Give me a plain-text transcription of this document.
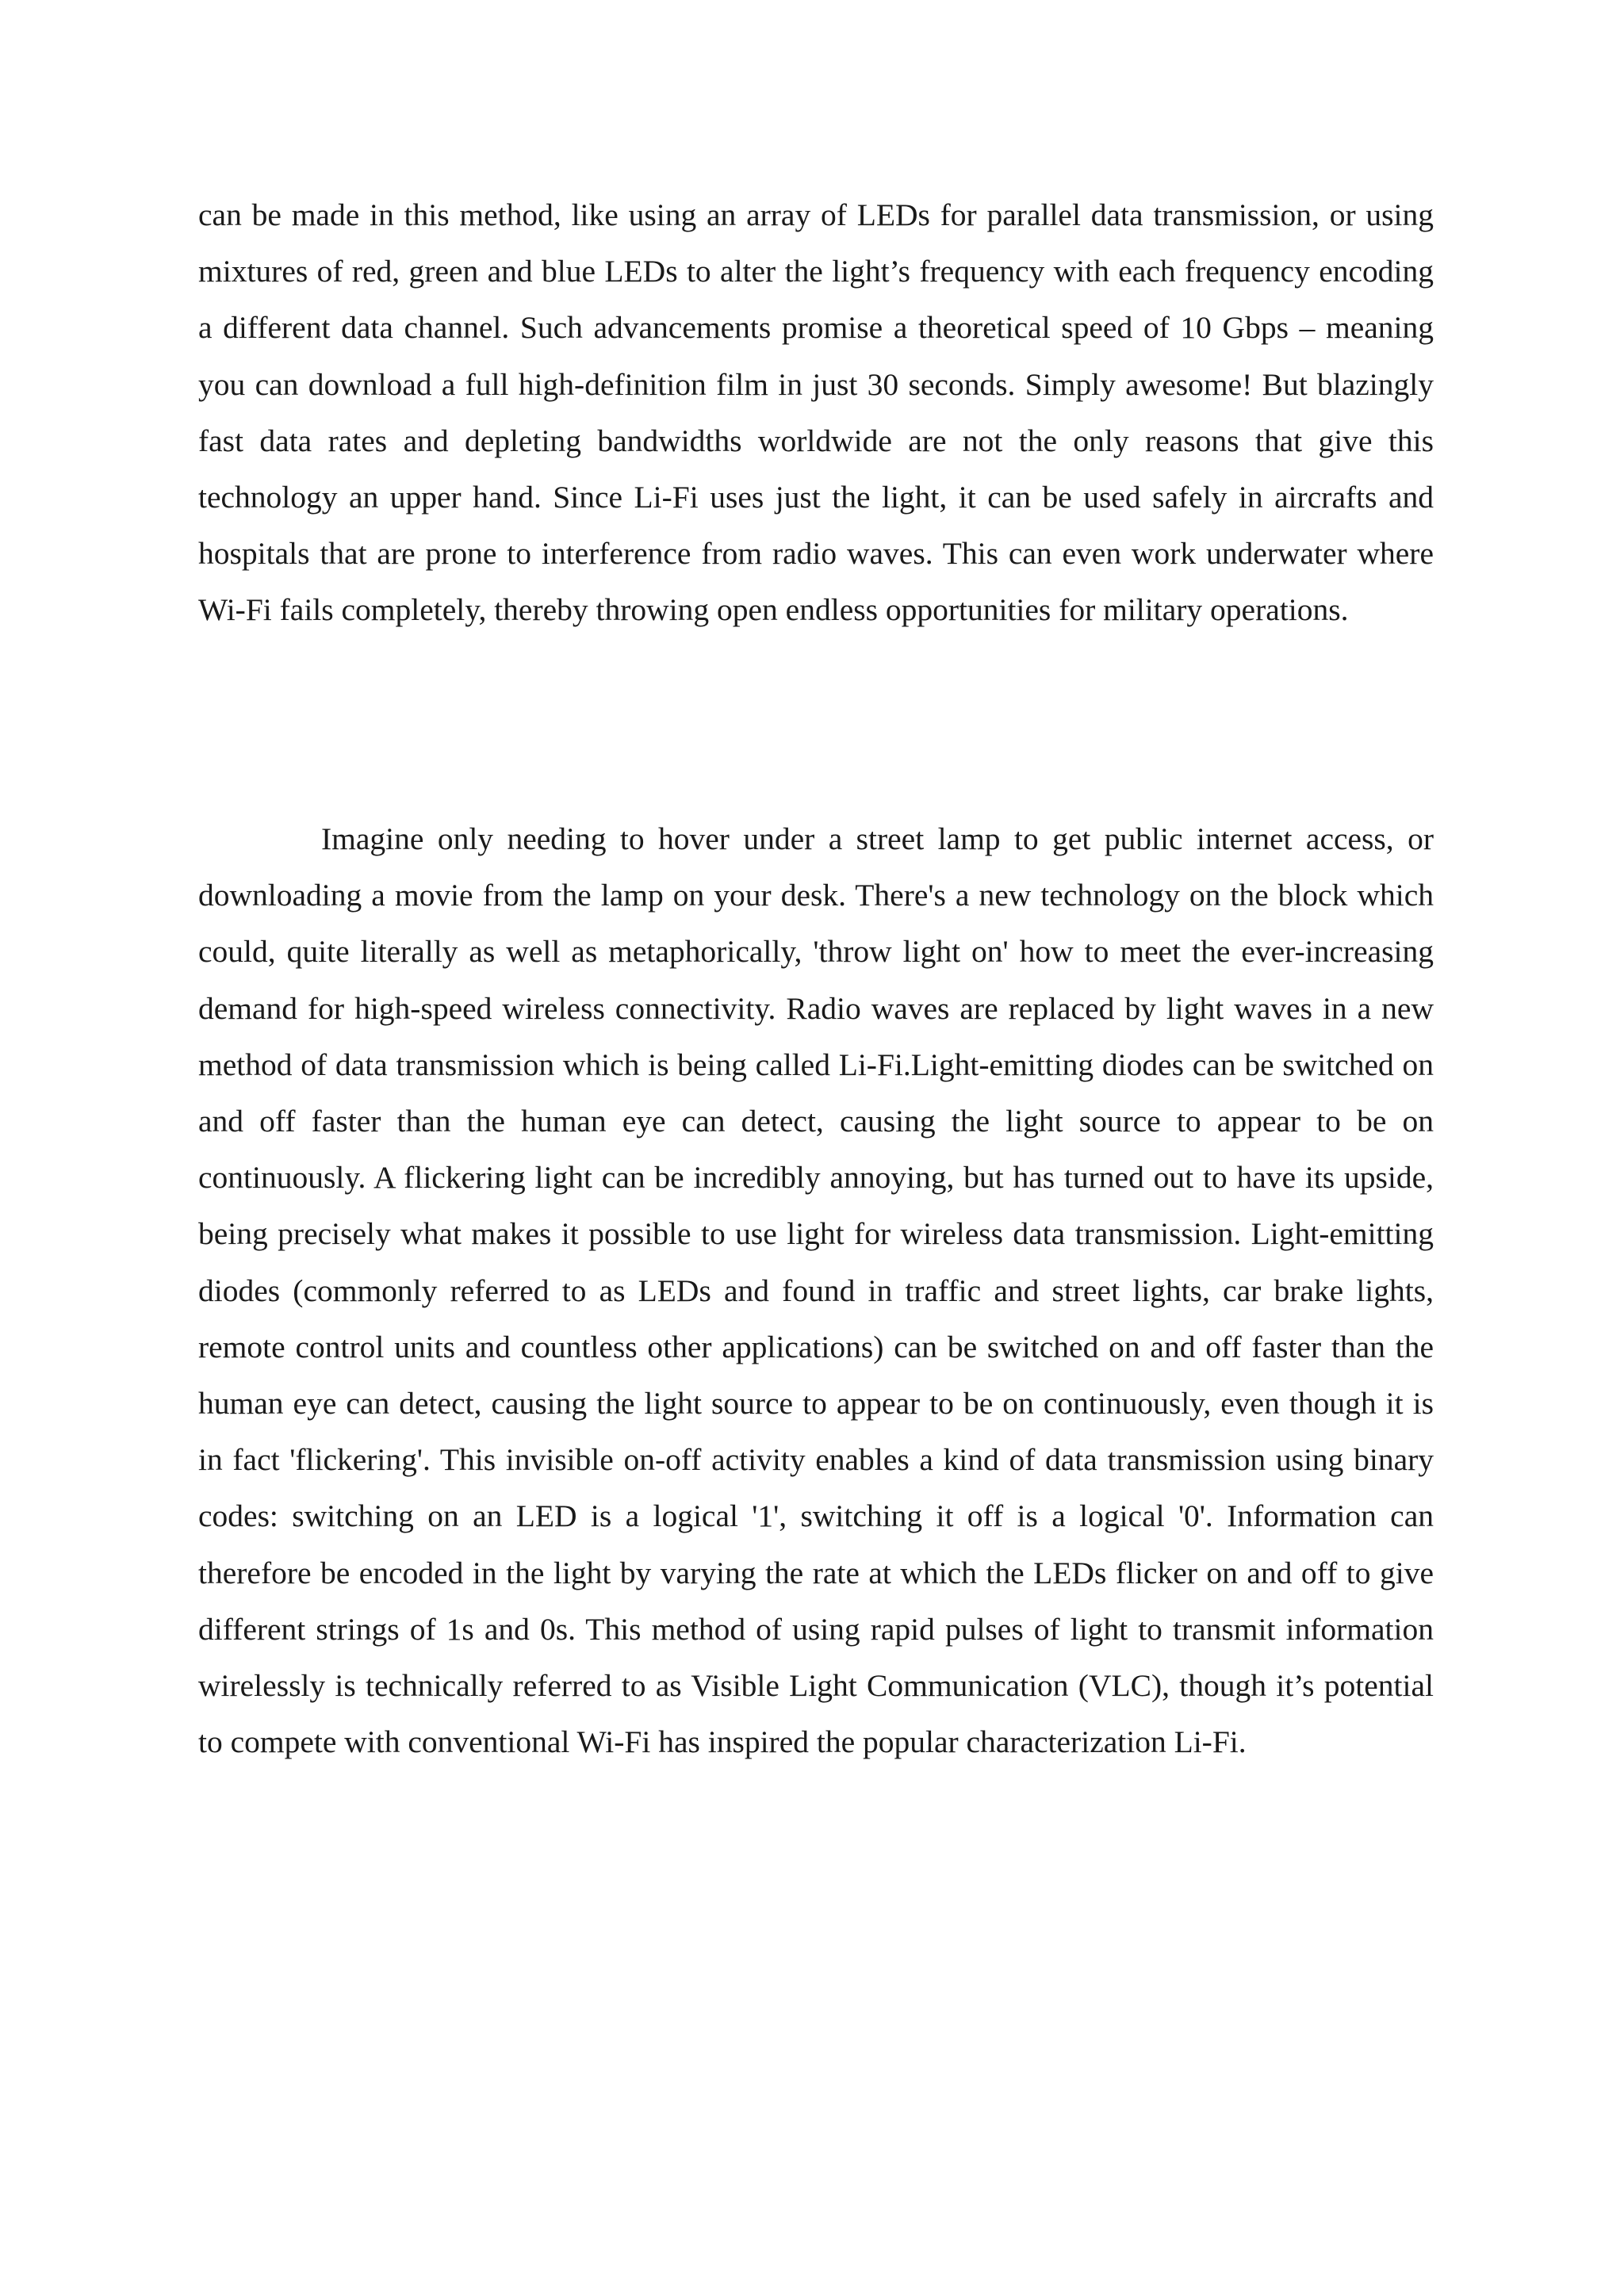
can be made in this method, like using an array of LEDs for parallel data transmission, or using mixtures of red, green and blue LEDs to alter the light’s frequency with each frequency encoding a different data channel. Such advancements promise a theoretical speed of 10 Gbps – meaning you can download a full high-definition film in just 30 seconds. Simply awesome! But blazingly fast data rates and depleting bandwidths worldwide are not the only reasons that give this technology an upper hand. Since Li-Fi uses just the light, it can be used safely in aircrafts and hospitals that are prone to interference from radio waves. This can even work underwater where Wi-Fi fails completely, thereby throwing open endless opportunities for military operations.

Imagine only needing to hover under a street lamp to get public internet access, or downloading a movie from the lamp on your desk. There's a new technology on the block which could, quite literally as well as metaphorically, 'throw light on' how to meet the ever-increasing demand for high-speed wireless connectivity. Radio waves are replaced by light waves in a new method of data transmission which is being called Li-Fi.Light-emitting diodes can be switched on and off faster than the human eye can detect, causing the light source to appear to be on continuously. A flickering light can be incredibly annoying, but has turned out to have its upside, being precisely what makes it possible to use light for wireless data transmission. Light-emitting diodes (commonly referred to as LEDs and found in traffic and street lights, car brake lights, remote control units and countless other applications) can be switched on and off faster than the human eye can detect, causing the light source to appear to be on continuously, even though it is in fact 'flickering'. This invisible on-off activity enables a kind of data transmission using binary codes: switching on an LED is a logical '1', switching it off is a logical '0'. Information can therefore be encoded in the light by varying the rate at which the LEDs flicker on and off to give different strings of 1s and 0s. This method of using rapid pulses of light to transmit information wirelessly is technically referred to as Visible Light Communication (VLC), though it’s potential to compete with conventional Wi-Fi has inspired the popular characterization Li-Fi.
